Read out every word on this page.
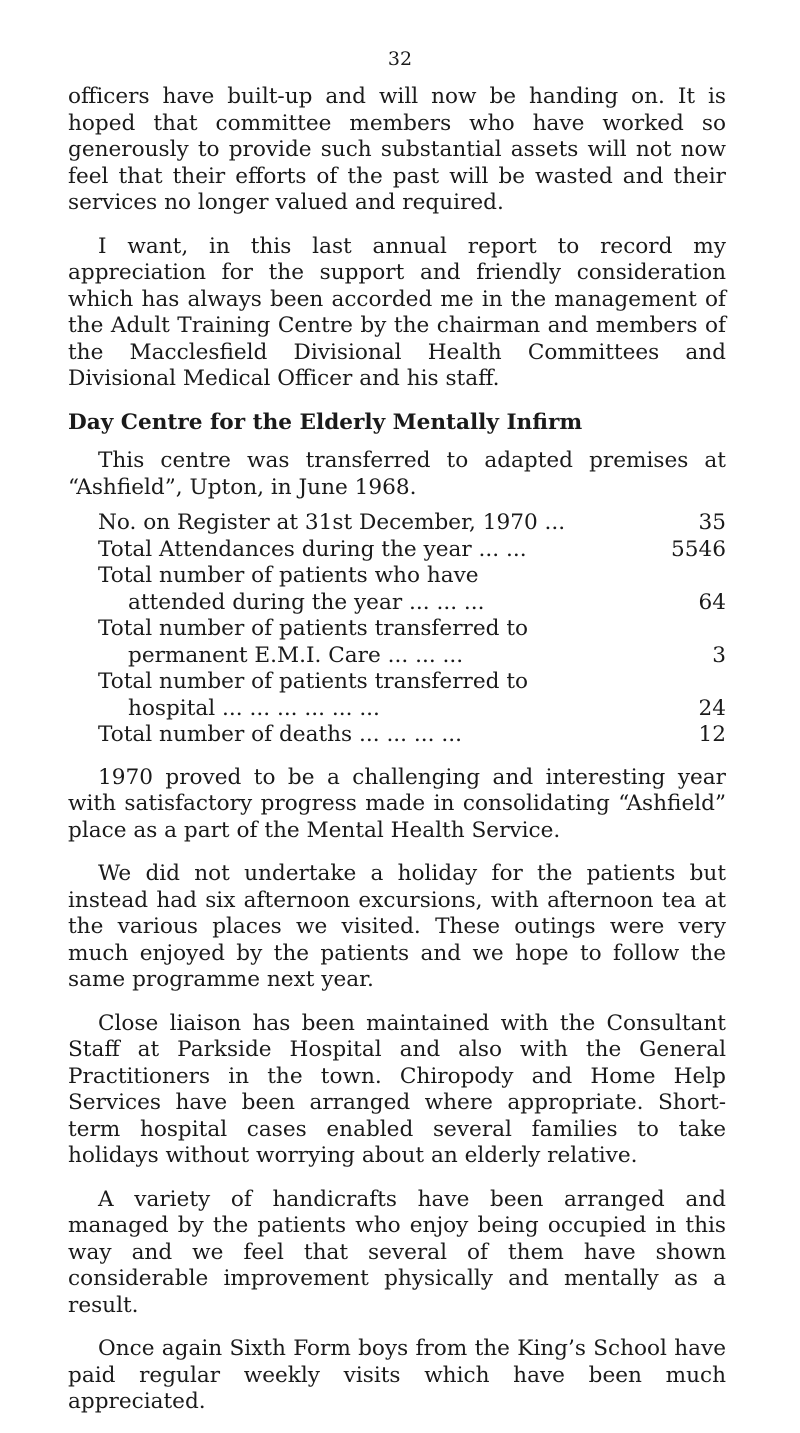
32

officers have built-up and will now be handing on. It is hoped that committee members who have worked so generously to provide such substantial assets will not now feel that their efforts of the past will be wasted and their services no longer valued and required.

I want, in this last annual report to record my appreciation for the support and friendly consideration which has always been accorded me in the management of the Adult Training Centre by the chairman and members of the Macclesfield Divisional Health Committees and Divisional Medical Officer and his staff.

Day Centre for the Elderly Mentally Infirm

This centre was transferred to adapted premises at “Ashfield”, Upton, in June 1968.

No. on Register at 31st December, 1970 ...	35
Total Attendances during the year ... ...	5546
Total number of patients who have
attended during the year ... ... ...	64
Total number of patients transferred to
permanent E.M.I. Care ... ... ...	3
Total number of patients transferred to
hospital ... ... ... ... ... ...	24
Total number of deaths ... ... ... ...	12

1970 proved to be a challenging and interesting year with satisfactory progress made in consolidating “Ashfield” place as a part of the Mental Health Service.

We did not undertake a holiday for the patients but instead had six afternoon excursions, with afternoon tea at the various places we visited. These outings were very much enjoyed by the patients and we hope to follow the same programme next year.

Close liaison has been maintained with the Consultant Staff at Parkside Hospital and also with the General Practitioners in the town. Chiropody and Home Help Services have been arranged where appropriate. Short-term hospital cases enabled several families to take holidays without worrying about an elderly relative.

A variety of handicrafts have been arranged and managed by the patients who enjoy being occupied in this way and we feel that several of them have shown considerable improvement physically and mentally as a result.

Once again Sixth Form boys from the King’s School have paid regular weekly visits which have been much appreciated.
